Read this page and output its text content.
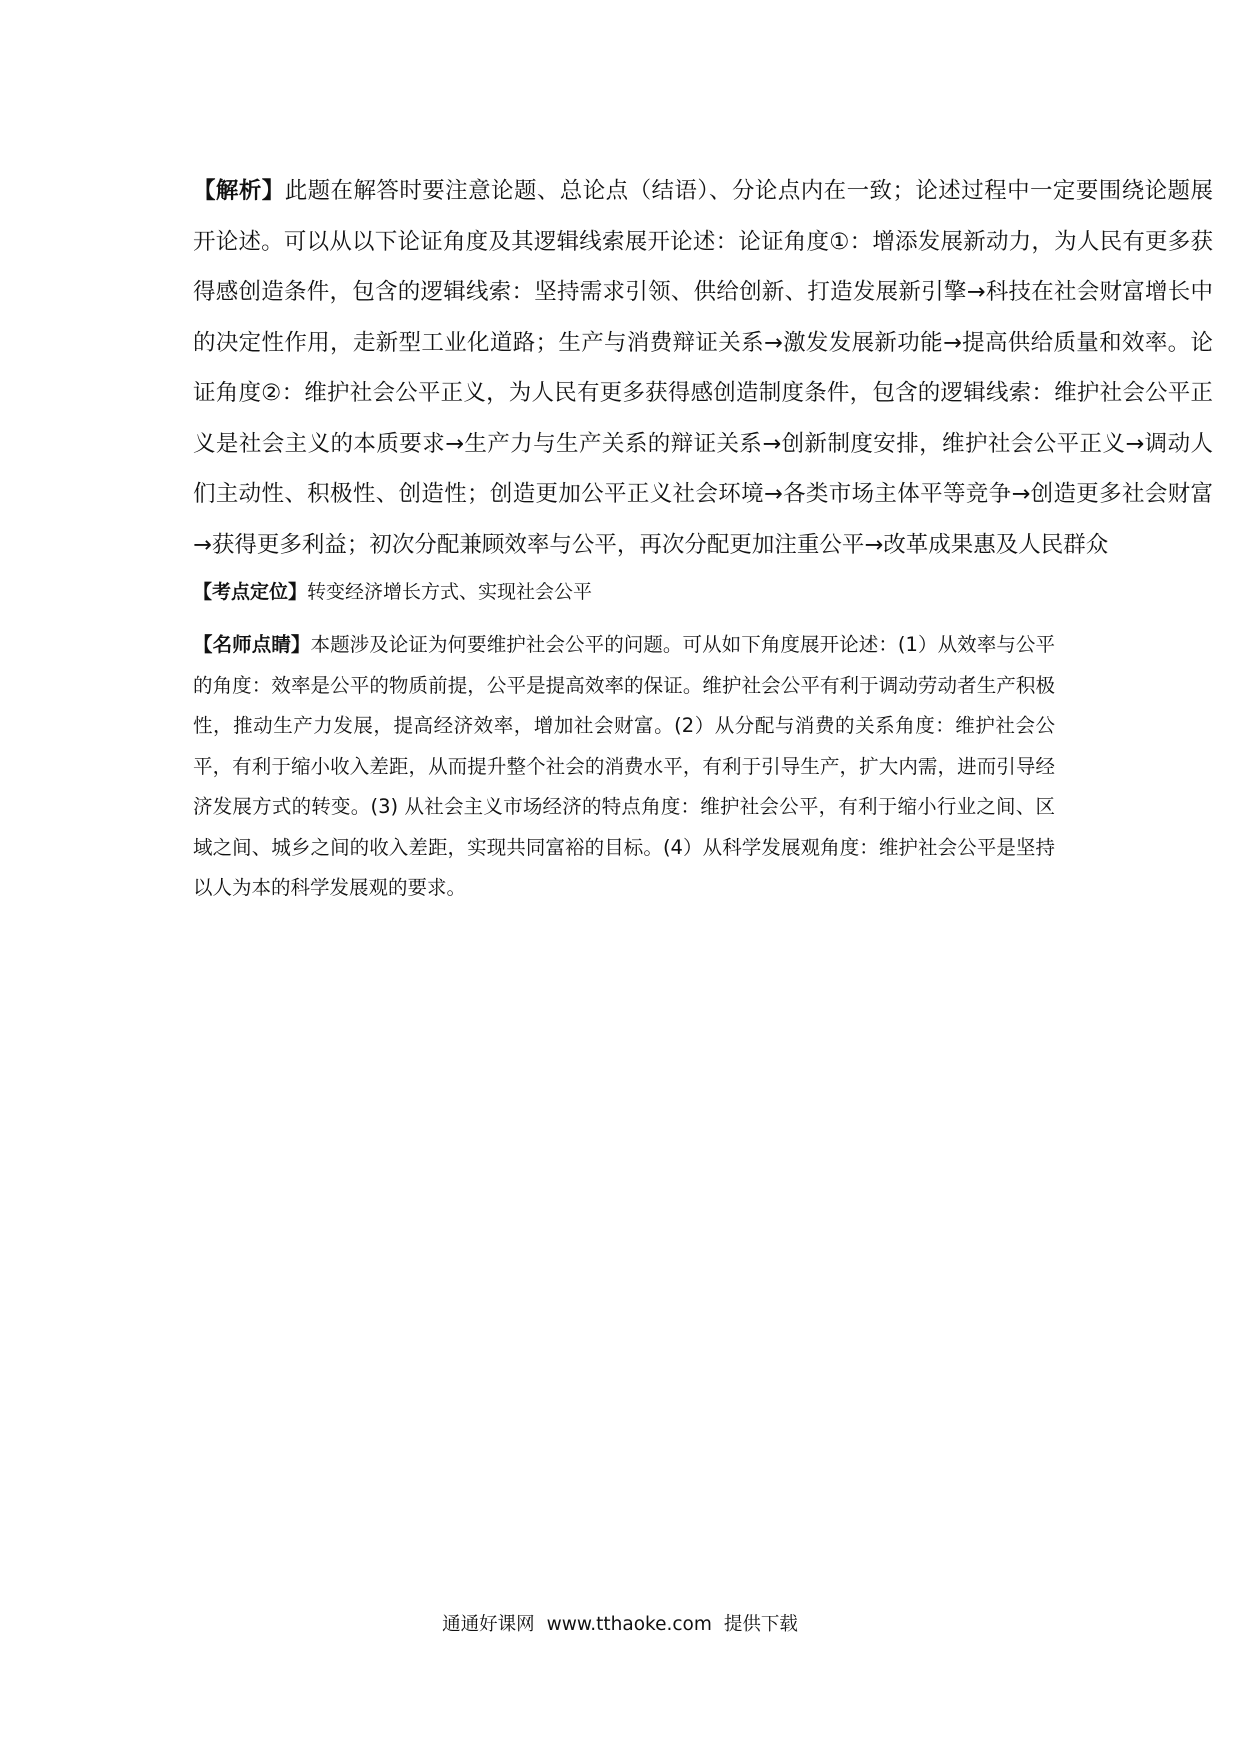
【解析】此题在解答时要注意论题、总论点（结语）、分论点内在一致；论述过程中一定要围绕论题展开论述。可以从以下论证角度及其逻辑线索展开论述：论证角度①：增添发展新动力，为人民有更多获得感创造条件，包含的逻辑线索：坚持需求引领、供给创新、打造发展新引擎→科技在社会财富增长中的决定性作用，走新型工业化道路；生产与消费辩证关系→激发发展新功能→提高供给质量和效率。论证角度②：维护社会公平正义，为人民有更多获得感创造制度条件，包含的逻辑线索：维护社会公平正义是社会主义的本质要求→生产力与生产关系的辩证关系→创新制度安排，维护社会公平正义→调动人们主动性、积极性、创造性；创造更加公平正义社会环境→各类市场主体平等竞争→创造更多社会财富→获得更多利益；初次分配兼顾效率与公平，再次分配更加注重公平→改革成果惠及人民群众
【考点定位】转变经济增长方式、实现社会公平
【名师点睛】本题涉及论证为何要维护社会公平的问题。可从如下角度展开论述：(1）从效率与公平的角度：效率是公平的物质前提，公平是提高效率的保证。维护社会公平有利于调动劳动者生产积极性，推动生产力发展，提高经济效率，增加社会财富。(2）从分配与消费的关系角度：维护社会公平，有利于缩小收入差距，从而提升整个社会的消费水平，有利于引导生产，扩大内需，进而引导经济发展方式的转变。(3) 从社会主义市场经济的特点角度：维护社会公平，有利于缩小行业之间、区域之间、城乡之间的收入差距，实现共同富裕的目标。(4）从科学发展观角度：维护社会公平是坚持以人为本的科学发展观的要求。
通通好课网 www.tthaoke.com 提供下载
